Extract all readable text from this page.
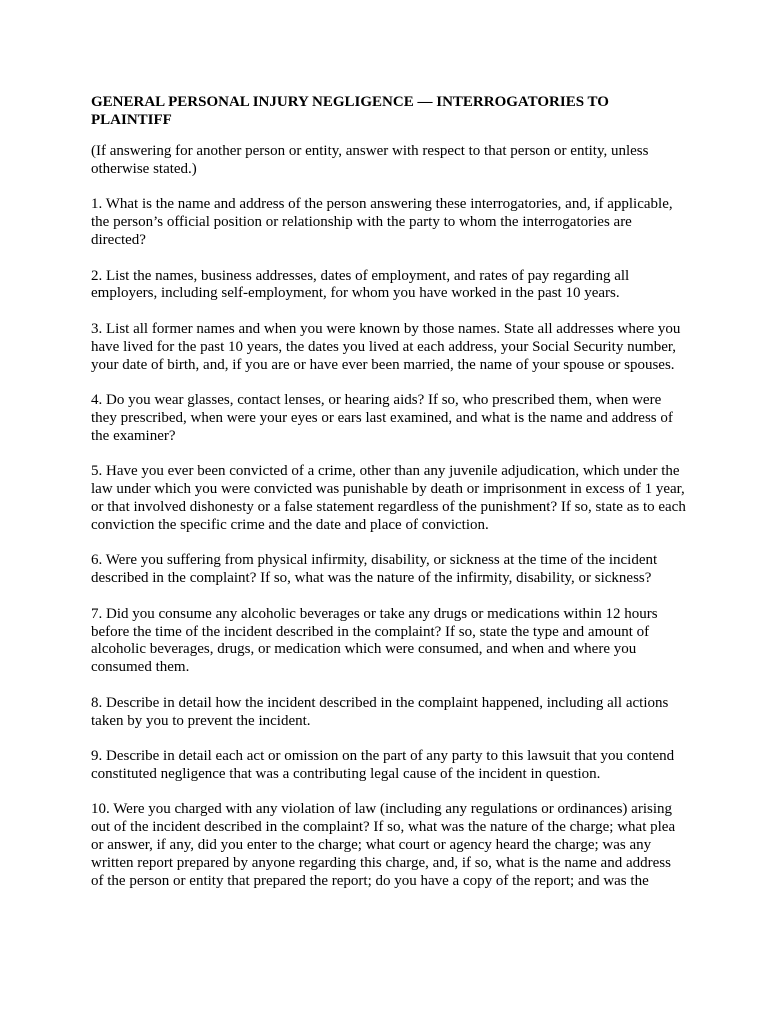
GENERAL PERSONAL INJURY NEGLIGENCE — INTERROGATORIES TO PLAINTIFF
(If answering for another person or entity, answer with respect to that person or entity, unless otherwise stated.)
1. What is the name and address of the person answering these interrogatories, and, if applicable, the person’s official position or relationship with the party to whom the interrogatories are directed?
2. List the names, business addresses, dates of employment, and rates of pay regarding all employers, including self-employment, for whom you have worked in the past 10 years.
3. List all former names and when you were known by those names. State all addresses where you have lived for the past 10 years, the dates you lived at each address, your Social Security number, your date of birth, and, if you are or have ever been married, the name of your spouse or spouses.
4. Do you wear glasses, contact lenses, or hearing aids? If so, who prescribed them, when were they prescribed, when were your eyes or ears last examined, and what is the name and address of the examiner?
5. Have you ever been convicted of a crime, other than any juvenile adjudication, which under the law under which you were convicted was punishable by death or imprisonment in excess of 1 year, or that involved dishonesty or a false statement regardless of the punishment? If so, state as to each conviction the specific crime and the date and place of conviction.
6. Were you suffering from physical infirmity, disability, or sickness at the time of the incident described in the complaint? If so, what was the nature of the infirmity, disability, or sickness?
7. Did you consume any alcoholic beverages or take any drugs or medications within 12 hours before the time of the incident described in the complaint? If so, state the type and amount of alcoholic beverages, drugs, or medication which were consumed, and when and where you consumed them.
8. Describe in detail how the incident described in the complaint happened, including all actions taken by you to prevent the incident.
9. Describe in detail each act or omission on the part of any party to this lawsuit that you contend constituted negligence that was a contributing legal cause of the incident in question.
10. Were you charged with any violation of law (including any regulations or ordinances) arising out of the incident described in the complaint? If so, what was the nature of the charge; what plea or answer, if any, did you enter to the charge; what court or agency heard the charge; was any written report prepared by anyone regarding this charge, and, if so, what is the name and address of the person or entity that prepared the report; do you have a copy of the report; and was the
